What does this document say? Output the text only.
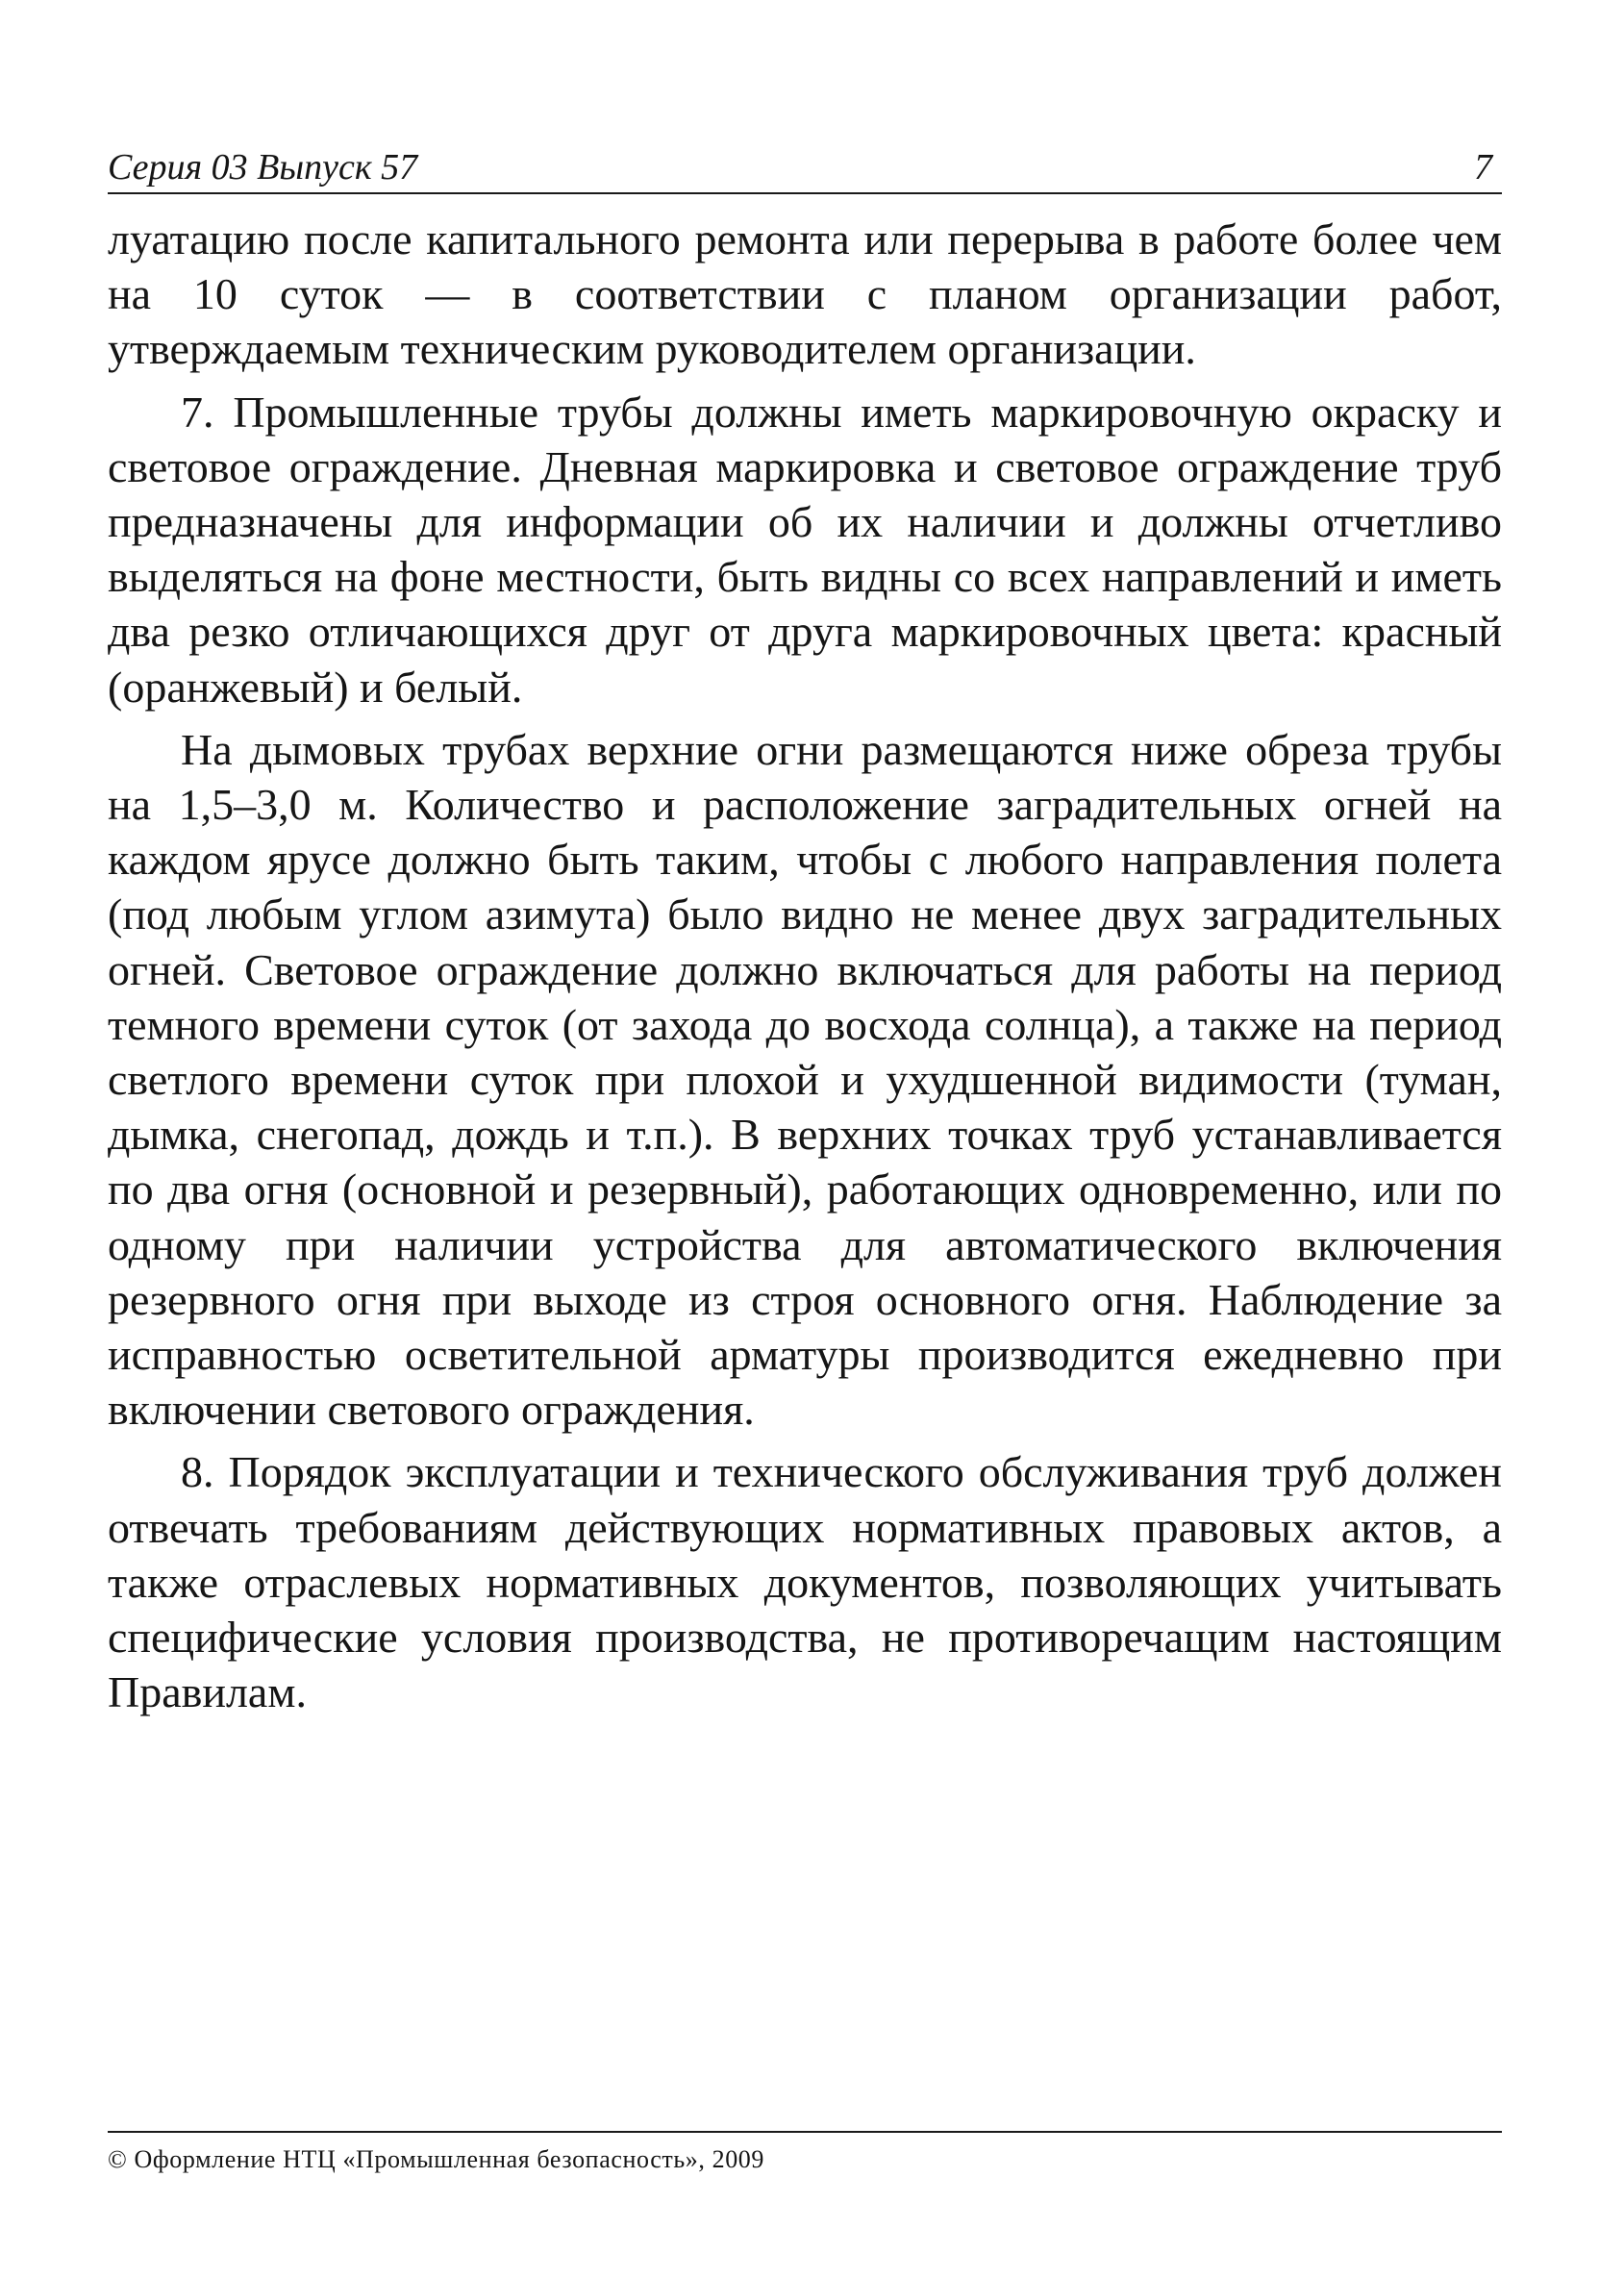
Серия 03 Выпуск 57	7

луатацию после капитального ремонта или перерыва в работе более чем на 10 суток — в соответствии с планом организации работ, утверждаемым техническим руководителем организации.

7. Промышленные трубы должны иметь маркировочную окраску и световое ограждение. Дневная маркировка и световое ограждение труб предназначены для информации об их наличии и должны отчетливо выделяться на фоне местности, быть видны со всех направлений и иметь два резко отличающихся друг от друга маркировочных цвета: красный (оранжевый) и белый.

На дымовых трубах верхние огни размещаются ниже обреза трубы на 1,5–3,0 м. Количество и расположение заградительных огней на каждом ярусе должно быть таким, чтобы с любого направления полета (под любым углом азимута) было видно не менее двух заградительных огней. Световое ограждение должно включаться для работы на период темного времени суток (от захода до восхода солнца), а также на период светлого времени суток при плохой и ухудшенной видимости (туман, дымка, снегопад, дождь и т.п.). В верхних точках труб устанавливается по два огня (основной и резервный), работающих одновременно, или по одному при наличии устройства для автоматического включения резервного огня при выходе из строя основного огня. Наблюдение за исправностью осветительной арматуры производится ежедневно при включении светового ограждения.

8. Порядок эксплуатации и технического обслуживания труб должен отвечать требованиям действующих нормативных правовых актов, а также отраслевых нормативных документов, позволяющих учитывать специфические условия производства, не противоречащим настоящим Правилам.

© Оформление НТЦ «Промышленная безопасность», 2009
